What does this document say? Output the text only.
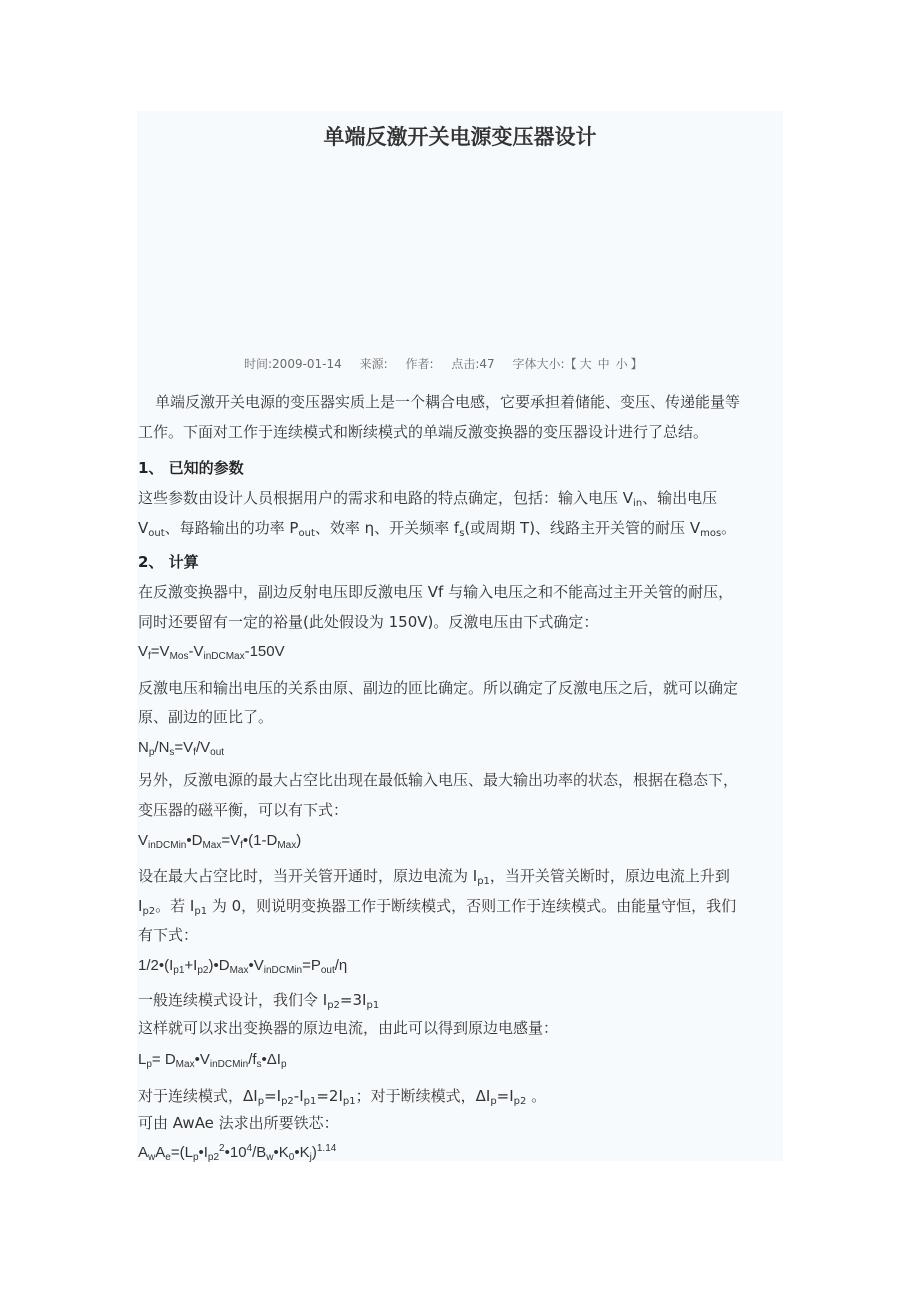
单端反激开关电源变压器设计
时间:2009-01-14 来源: 作者: 点击:47 字体大小:【 大 中 小 】
单端反激开关电源的变压器实质上是一个耦合电感，它要承担着储能、变压、传递能量等
工作。下面对工作于连续模式和断续模式的单端反激变换器的变压器设计进行了总结。
1、 已知的参数
这些参数由设计人员根据用户的需求和电路的特点确定，包括：输入电压 $V_{in}$、输出电压
$V_{out}$、每路输出的功率 $P_{out}$、效率 η、开关频率 $f_s$(或周期 T)、线路主开关管的耐压 $V_{mos}$。
2、 计算
在反激变换器中，副边反射电压即反激电压 Vf 与输入电压之和不能高过主开关管的耐压，
同时还要留有一定的裕量(此处假设为 150V)。反激电压由下式确定：
$V_f=V_{Mos}-V_{inDCMax}-150V$
反激电压和输出电压的关系由原、副边的匝比确定。所以确定了反激电压之后，就可以确定
原、副边的匝比了。
$N_p/N_s=V_f/V_{out}$
另外，反激电源的最大占空比出现在最低输入电压、最大输出功率的状态，根据在稳态下，
变压器的磁平衡，可以有下式：
$V_{inDCMin}•D_{Max}=V_f•(1-D_{Max})$
设在最大占空比时，当开关管开通时，原边电流为 $I_{p1}$，当开关管关断时，原边电流上升到
$I_{p2}$。若 $I_{p1}$ 为 0，则说明变换器工作于断续模式，否则工作于连续模式。由能量守恒，我们
有下式：
$1/2•(I_{p1}+I_{p2})•D_{Max}•V_{inDCMin}=P_{out}/\eta$
一般连续模式设计，我们令 $I_{p2}=3I_{p1}$
这样就可以求出变换器的原边电流，由此可以得到原边电感量：
$L_p=$ $D_{Max}•V_{inDCMin}/f_s•\Delta I_p$
对于连续模式，$\Delta I_p=I_{p2}-I_{p1}=2I_{p1}$；对于断续模式，$\Delta I_p=I_{p2}$ 。
可由 AwAe 法求出所要铁芯：
$A_wA_e=(L_p•I_{p2}^2•10^4/B_w•K_0•K_j)^{1.14}$
